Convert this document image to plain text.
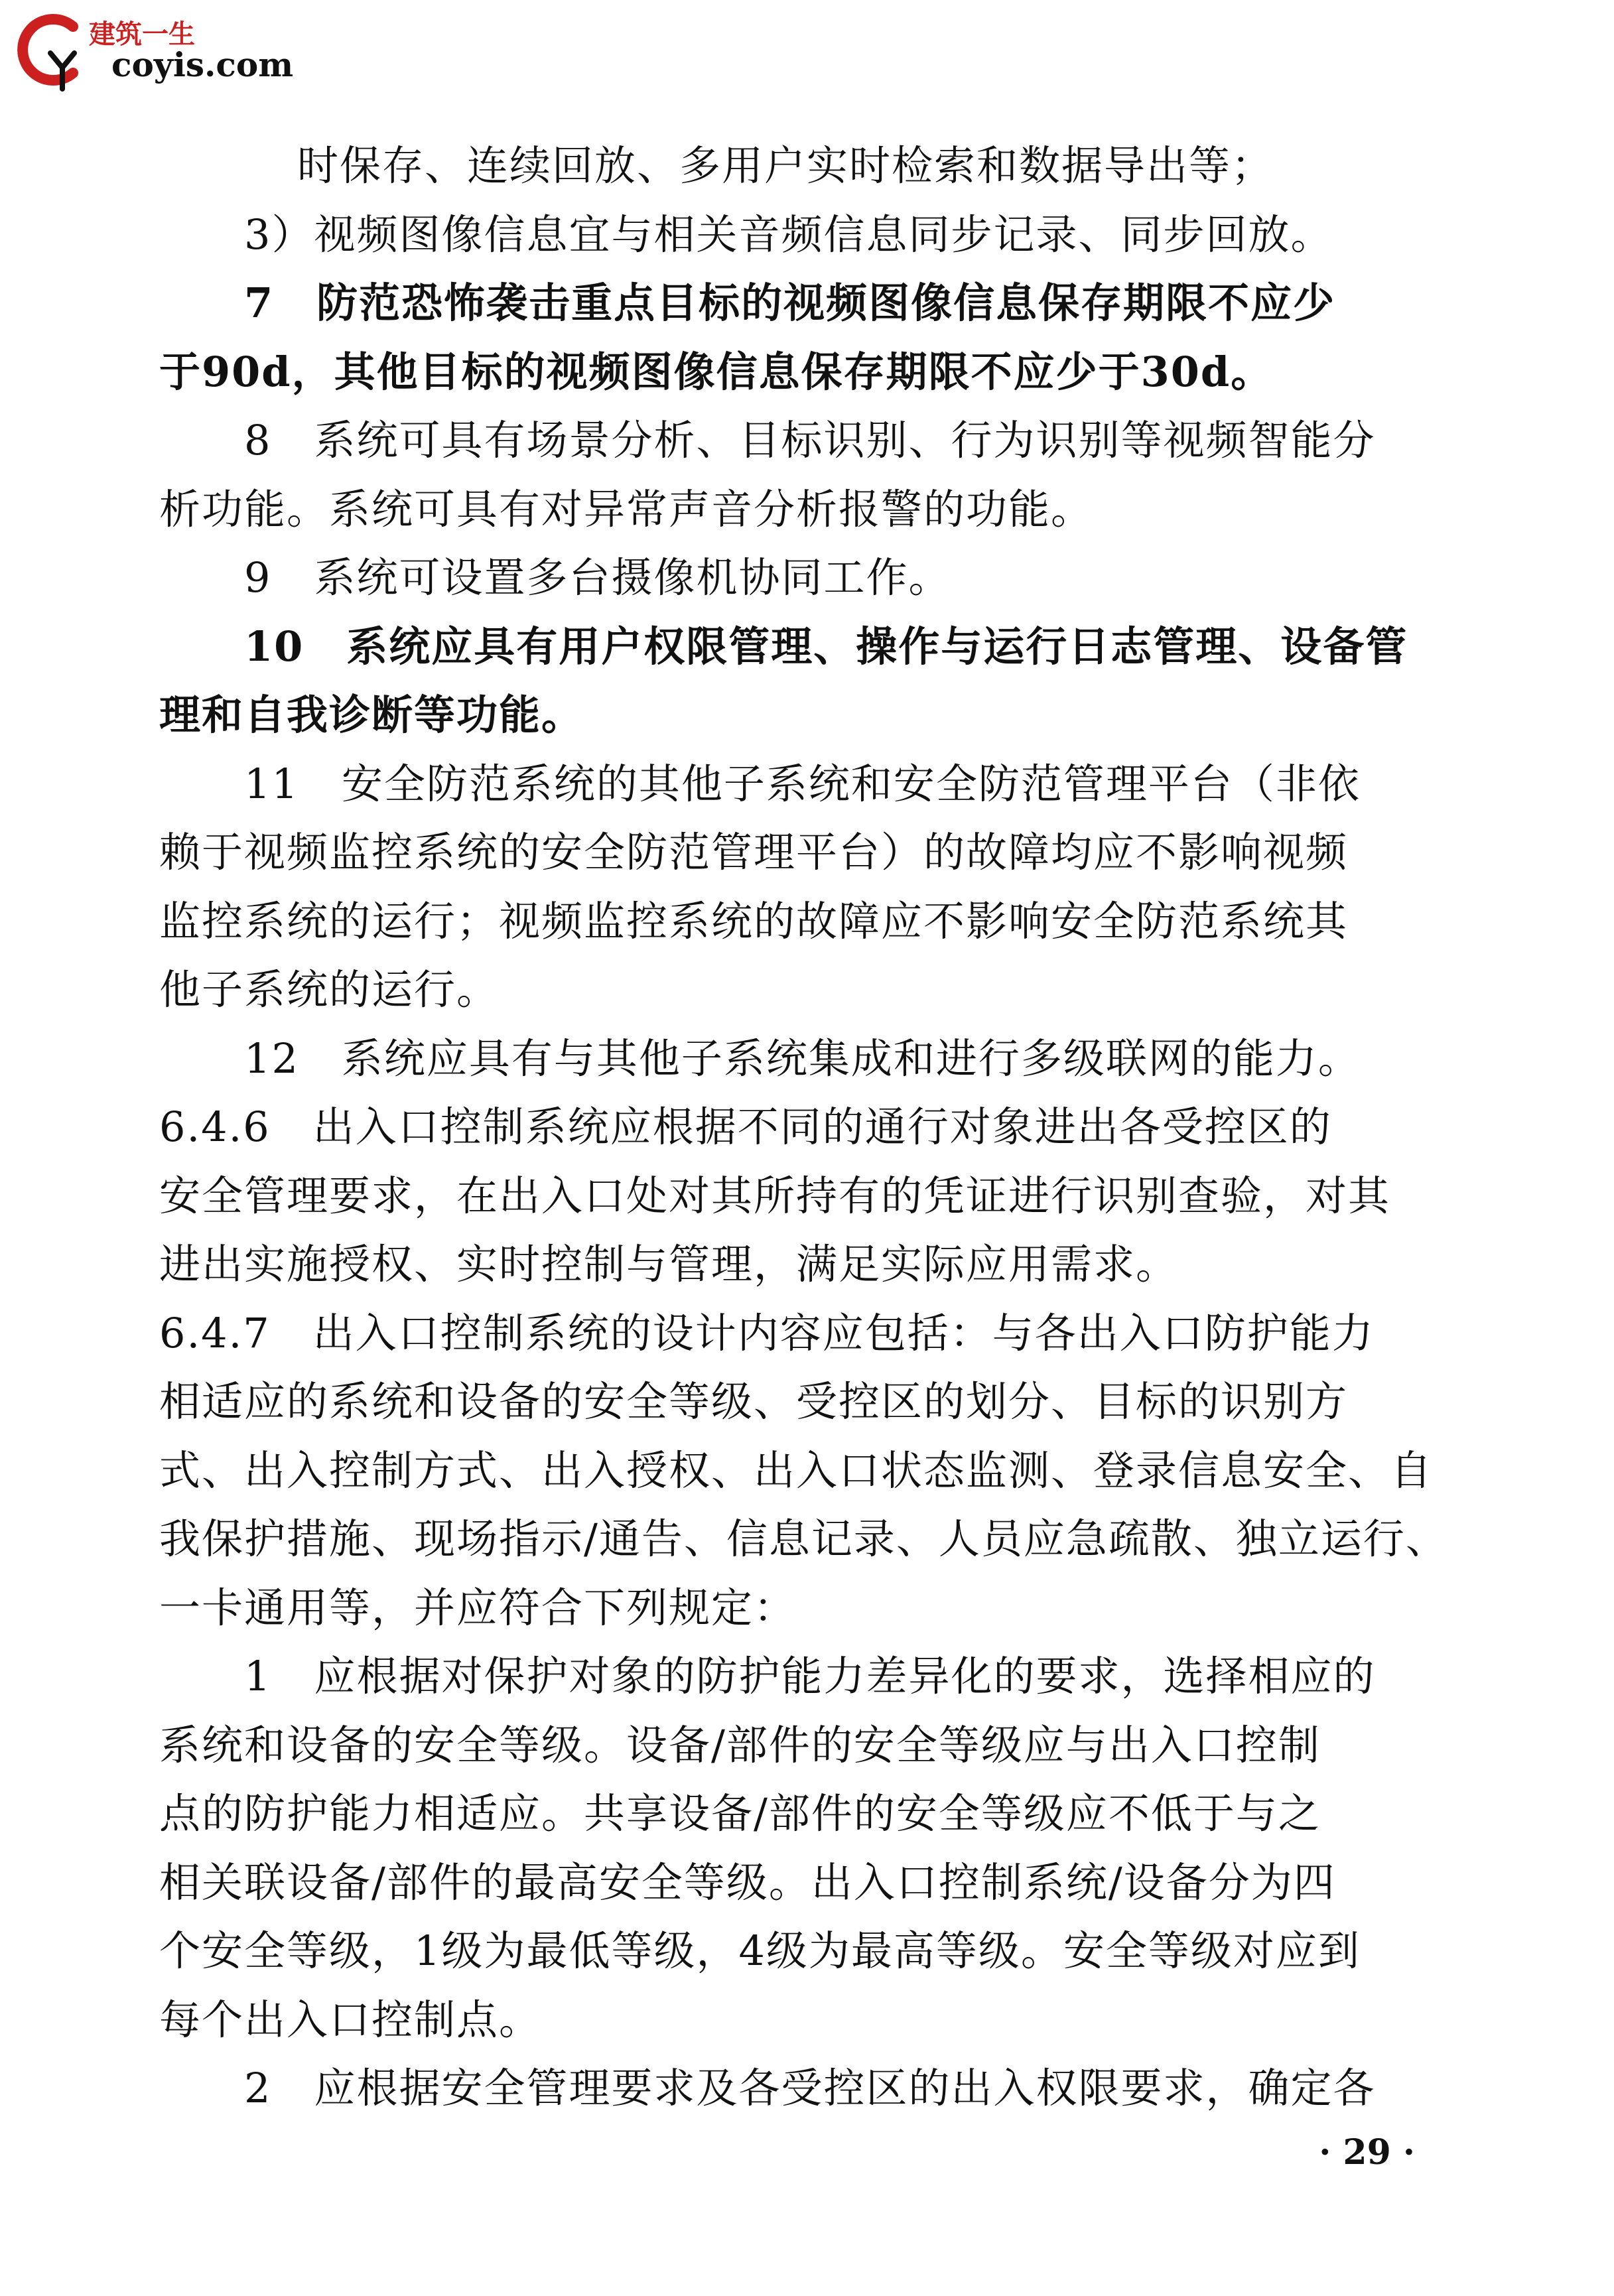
建筑一生
coyis.com
时保存、连续回放、多用户实时检索和数据导出等；
3）视频图像信息宜与相关音频信息同步记录、同步回放。
7　防范恐怖袭击重点目标的视频图像信息保存期限不应少
于90d，其他目标的视频图像信息保存期限不应少于30d。
8　系统可具有场景分析、目标识别、行为识别等视频智能分
析功能。系统可具有对异常声音分析报警的功能。
9　系统可设置多台摄像机协同工作。
10　系统应具有用户权限管理、操作与运行日志管理、设备管
理和自我诊断等功能。
11　安全防范系统的其他子系统和安全防范管理平台（非依
赖于视频监控系统的安全防范管理平台）的故障均应不影响视频
监控系统的运行；视频监控系统的故障应不影响安全防范系统其
他子系统的运行。
12　系统应具有与其他子系统集成和进行多级联网的能力。
6.4.6　出入口控制系统应根据不同的通行对象进出各受控区的
安全管理要求，在出入口处对其所持有的凭证进行识别查验，对其
进出实施授权、实时控制与管理，满足实际应用需求。
6.4.7　出入口控制系统的设计内容应包括：与各出入口防护能力
相适应的系统和设备的安全等级、受控区的划分、目标的识别方
式、出入控制方式、出入授权、出入口状态监测、登录信息安全、自
我保护措施、现场指示/通告、信息记录、人员应急疏散、独立运行、
一卡通用等，并应符合下列规定：
1　应根据对保护对象的防护能力差异化的要求，选择相应的
系统和设备的安全等级。设备/部件的安全等级应与出入口控制
点的防护能力相适应。共享设备/部件的安全等级应不低于与之
相关联设备/部件的最高安全等级。出入口控制系统/设备分为四
个安全等级，1级为最低等级，4级为最高等级。安全等级对应到
每个出入口控制点。
2　应根据安全管理要求及各受控区的出入权限要求，确定各
· 29 ·
